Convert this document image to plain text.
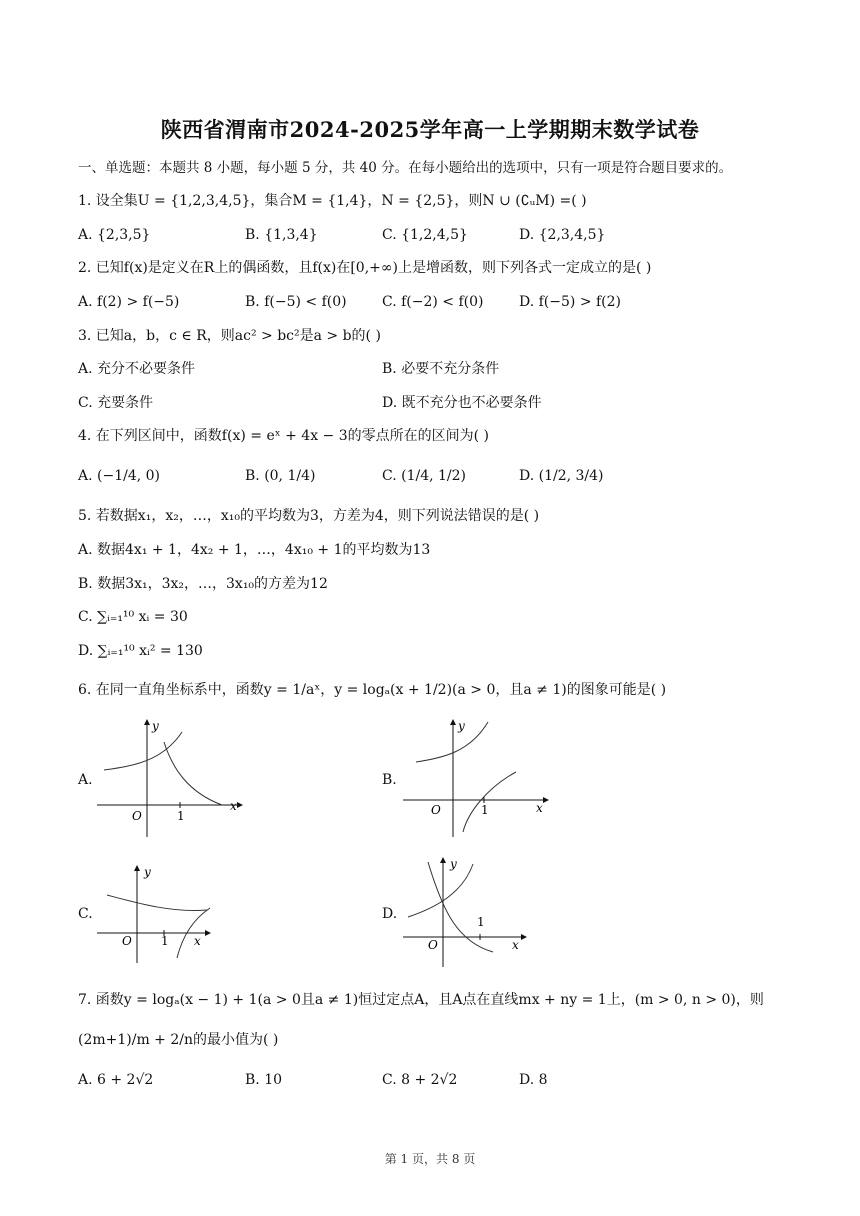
陕西省渭南市2024-2025学年高一上学期期末数学试卷
一、单选题：本题共 8 小题，每小题 5 分，共 40 分。在每小题给出的选项中，只有一项是符合题目要求的。
1. 设全集U = {1,2,3,4,5}，集合M = {1,4}，N = {2,5}，则N ∪ (∁ᵤM) =( )
A. {2,3,5}	B. {1,3,4}	C. {1,2,4,5}	D. {2,3,4,5}
2. 已知f(x)是定义在R上的偶函数，且f(x)在[0,+∞)上是增函数，则下列各式一定成立的是( )
A. f(2) > f(−5)	B. f(−5) < f(0)	C. f(−2) < f(0)	D. f(−5) > f(2)
3. 已知a，b，c ∈ R，则ac² > bc²是a > b的( )
A. 充分不必要条件	B. 必要不充分条件
C. 充要条件	D. 既不充分也不必要条件
4. 在下列区间中，函数f(x) = eˣ + 4x − 3的零点所在的区间为( )
A. (−1/4, 0)	B. (0, 1/4)	C. (1/4, 1/2)	D. (1/2, 3/4)
5. 若数据x₁，x₂，…，x₁₀的平均数为3，方差为4，则下列说法错误的是( )
A. 数据4x₁ + 1，4x₂ + 1，…，4x₁₀ + 1的平均数为13
B. 数据3x₁，3x₂，…，3x₁₀的方差为12
C. ∑ᵢ₌₁¹⁰ xᵢ = 30
D. ∑ᵢ₌₁¹⁰ xᵢ² = 130
6. 在同一直角坐标系中，函数y = 1/aˣ，y = logₐ(x + 1/2)(a > 0，且a ≠ 1)的图象可能是( )
A.	B.
C.	D.
y
x
O	1
y
x
O	1
y
x
O 1
y
x
O
1
7. 函数y = logₐ(x − 1) + 1(a > 0且a ≠ 1)恒过定点A，且A点在直线mx + ny = 1上，(m > 0, n > 0)，则
(2m+1)/m + 2/n的最小值为( )
A. 6 + 2√2	B. 10	C. 8 + 2√2	D. 8
第 1 页，共 8 页
